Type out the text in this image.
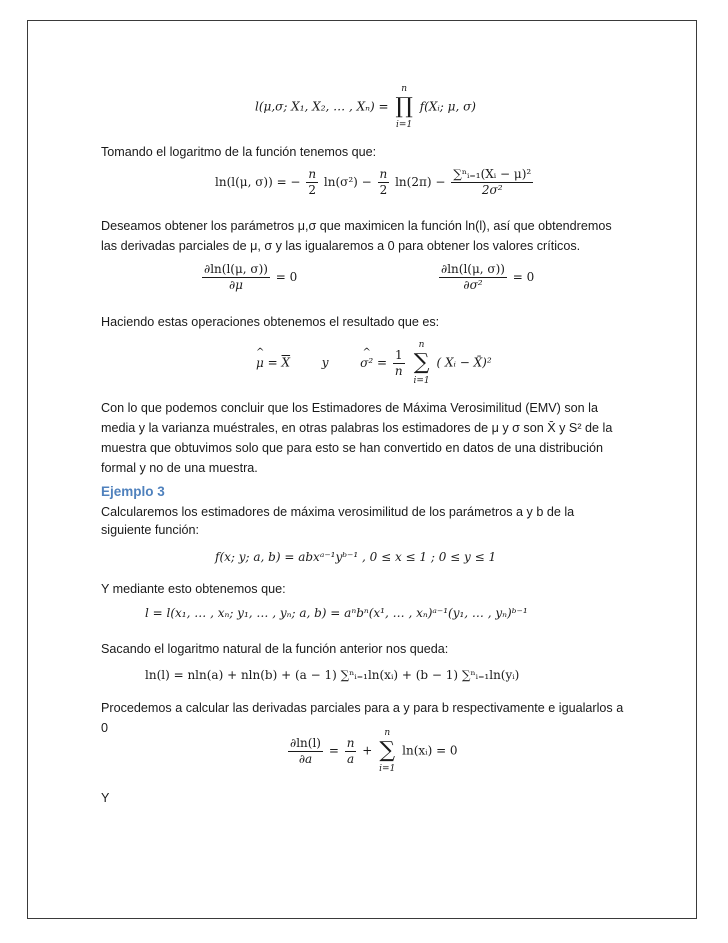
l(μ,σ; X₁, X₂, … , Xₙ) =
n
∏
i=1
f(Xᵢ; μ, σ)
Tomando el logaritmo de la función tenemos que:
ln(l(μ, σ)) = − $\frac{n}{2} \ln(\sigma^2) - \frac{n}{2} \ln(2\pi) - \frac{\text{∑ⁿᵢ₌₁(Xᵢ − μ)²}}{\text{2σ²}}$
Deseamos obtener los parámetros μ,σ que maximicen la función ln(l), así que obtendremos
las derivadas parciales de μ, σ y las igualaremos a 0 para obtener los valores críticos.
$\frac{\partial\ln(l(\mu, \sigma))}{\partial\mu} = 0$	$\frac{\partial\ln(l(\mu, \sigma))}{\text{∂σ²}} = 0$
Haciendo estas operaciones obtenemos el resultado que es:
^ $\mu = \overline{X}$	y	^ $\sigma^2 = \frac{1}{n}$

n
∑
i=1
( Xᵢ − X̄)²
Con lo que podemos concluir que los Estimadores de Máxima Verosimilitud (EMV) son la
media y la varianza muéstrales, en otras palabras los estimadores de μ y σ son X̄ y S² de la
muestra que obtuvimos solo que para esto se han convertido en datos de una distribución
formal y no de una muestra.
Ejemplo 3
Calcularemos los estimadores de máxima verosimilitud de los parámetros a y b de la
siguiente función:
f(x; y; a, b) = abxᵃ⁻¹yᵇ⁻¹ , 0 ≤ x ≤ 1 ; 0 ≤ y ≤ 1
Y mediante esto obtenemos que:
l = l(x₁, … , xₙ; y₁, … , yₙ; a, b) = aⁿbⁿ(x¹, … , xₙ)ᵃ⁻¹(y₁, … , yₙ)ᵇ⁻¹
Sacando el logaritmo natural de la función anterior nos queda:
ln(l) = nln(a) + nln(b) + (a − 1) ∑ⁿᵢ₌₁ln(xᵢ) + (b − 1) ∑ⁿᵢ₌₁ln(yᵢ)
Procedemos a calcular las derivadas parciales para a y para b respectivamente e igualarlos a 0
$\frac{\partial\ln(l)}{\partial a} = \frac{n}{a}$ +
n
∑
i=1
ln(xᵢ) = 0
Y
